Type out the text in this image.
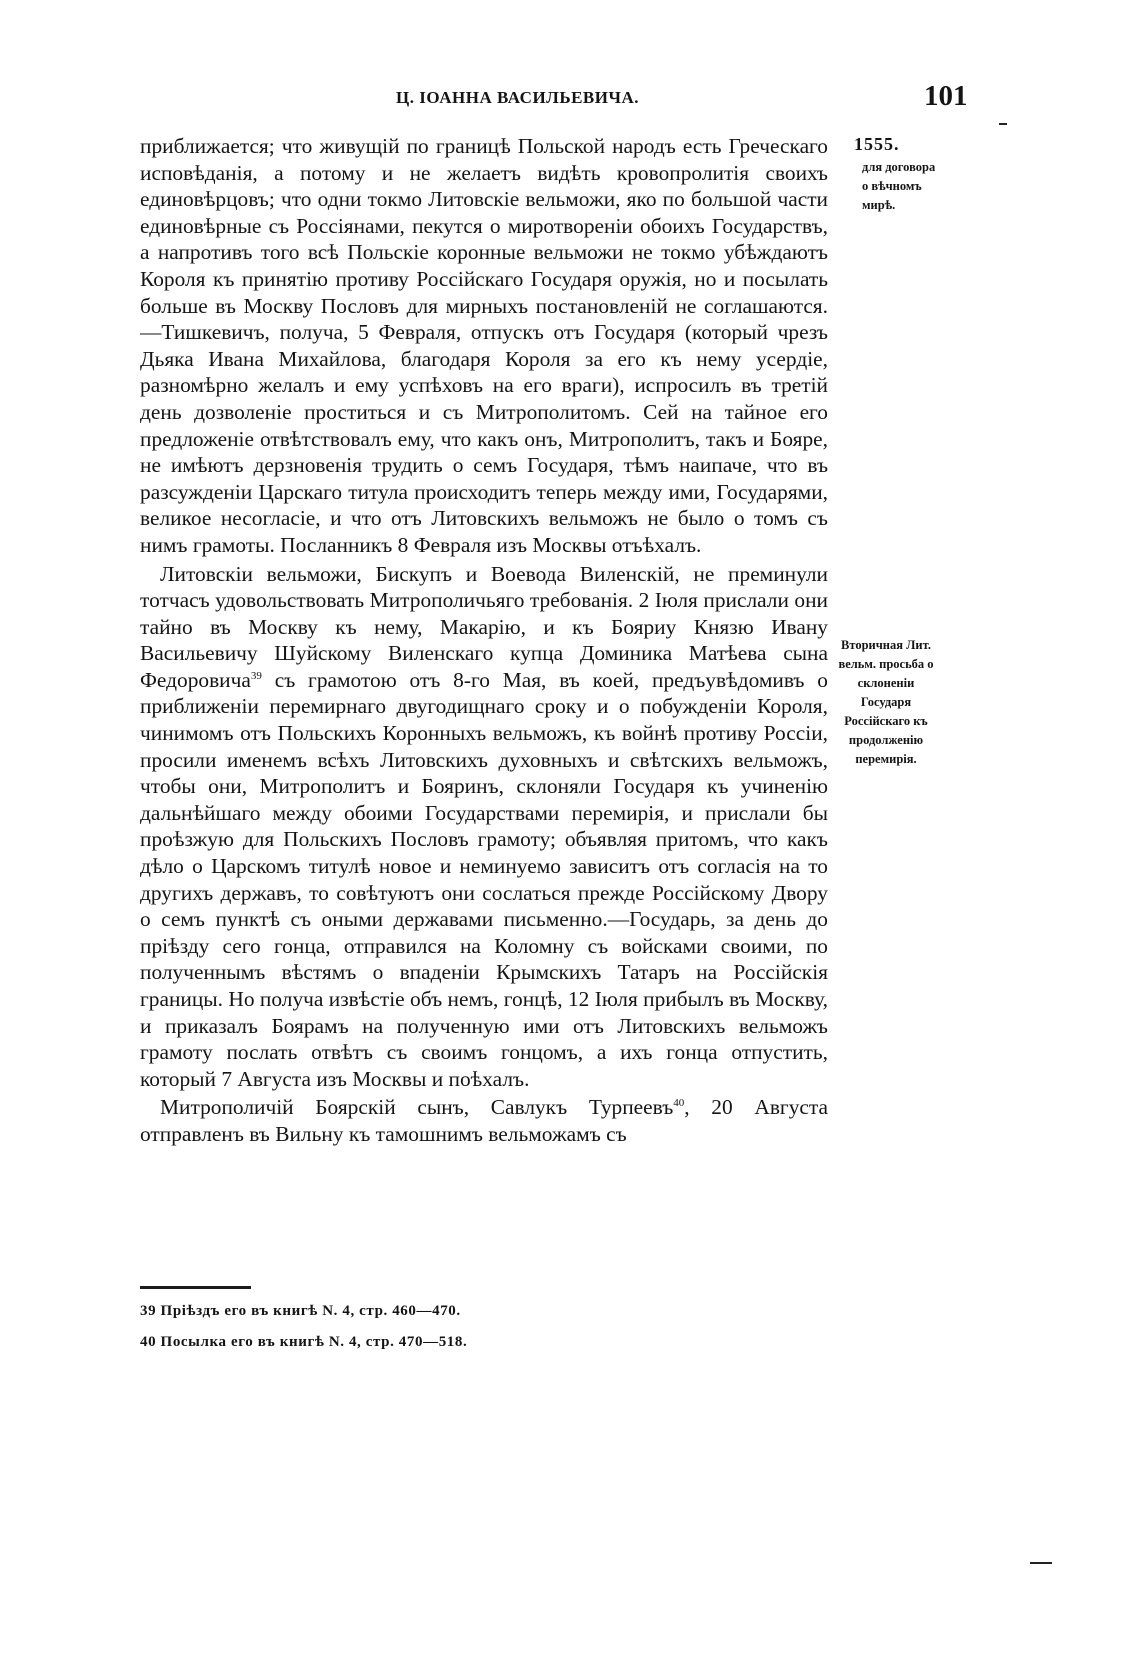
Ц. ІОАННА ВАСИЛЬЕВИЧА.	101
1555.
для договора о вѣчномъ мирѣ.
Вторичная Лит. вельм. просьба о склоненіи Государя Россійскаго къ продолженію перемирія.

приближается; что живущій по границѣ Польской народъ есть Греческаго исповѣданія, а потому и не желаетъ видѣть кровопролитія своихъ единовѣрцовъ; что одни токмо Литовскіе вельможи, яко по большой части единовѣрные съ Россіянами, пекутся о миротвореніи обоихъ Государствъ, а напротивъ того всѣ Польскіе коронные вельможи не токмо убѣждаютъ Короля къ принятію противу Россійскаго Государя оружія, но и посылать больше въ Москву Пословъ для мирныхъ постановленій не соглашаются.—Тишкевичъ, получа, 5 Февраля, отпускъ отъ Государя (который чрезъ Дьяка Ивана Михайлова, благодаря Короля за его къ нему усердіе, разномѣрно желалъ и ему успѣховъ на его враги), испросилъ въ третій день дозволеніе проститься и съ Митрополитомъ. Сей на тайное его предложеніе отвѣтствовалъ ему, что какъ онъ, Митрополитъ, такъ и Бояре, не имѣютъ дерзновенія трудить о семъ Государя, тѣмъ наипаче, что въ разсужденіи Царскаго титула происходитъ теперь между ими, Государями, великое несогласіе, и что отъ Литовскихъ вельможъ не было о томъ съ нимъ грамоты. Посланникъ 8 Февраля изъ Москвы отъѣхалъ.

Литовскіи вельможи, Бискупъ и Воевода Виленскій, не преминули тотчасъ удовольствовать Митрополичьяго требованія. 2 Іюля прислали они тайно въ Москву къ нему, Макарію, и къ Бояриу Князю Ивану Васильевичу Шуйскому Виленскаго купца Доминика Матѣева сына Федоровича$^{39}$ съ грамотою отъ 8-го Мая, въ коей, предъувѣдомивъ о приближеніи перемирнаго двугодищнаго сроку и о побужденіи Короля, чинимомъ отъ Польскихъ Коронныхъ вельможъ, къ войнѣ противу Россіи, просили именемъ всѣхъ Литовскихъ духовныхъ и свѣтскихъ вельможъ, чтобы они, Митрополитъ и Бояринъ, склоняли Государя къ учиненію дальнѣйшаго между обоими Государствами перемирія, и прислали бы проѣзжую для Польскихъ Пословъ грамоту; объявляя притомъ, что какъ дѣло о Царскомъ титулѣ новое и неминуемо зависитъ отъ согласія на то другихъ державъ, то совѣтуютъ они сослаться прежде Россійскому Двору о семъ пунктѣ съ оными державами письменно.—Государь, за день до пріѣзду сего гонца, отправился на Коломну съ войсками своими, по полученнымъ вѣстямъ о впаденіи Крымскихъ Татаръ на Россійскія границы. Но получа извѣстіе объ немъ, гонцѣ, 12 Іюля прибылъ въ Москву, и приказалъ Боярамъ на полученную ими отъ Литовскихъ вельможъ грамоту послать отвѣтъ съ своимъ гонцомъ, а ихъ гонца отпустить, который 7 Августа изъ Москвы и поѣхалъ.

Митрополичій Боярскій сынъ, Савлукъ Турпеевъ$^{40}$, 20 Августа отправленъ въ Вильну къ тамошнимъ вельможамъ съ

39 Пріѣздъ его въ книгѣ N. 4, стр. 460—470.
40 Посылка его въ книгѣ N. 4, стр. 470—518.
